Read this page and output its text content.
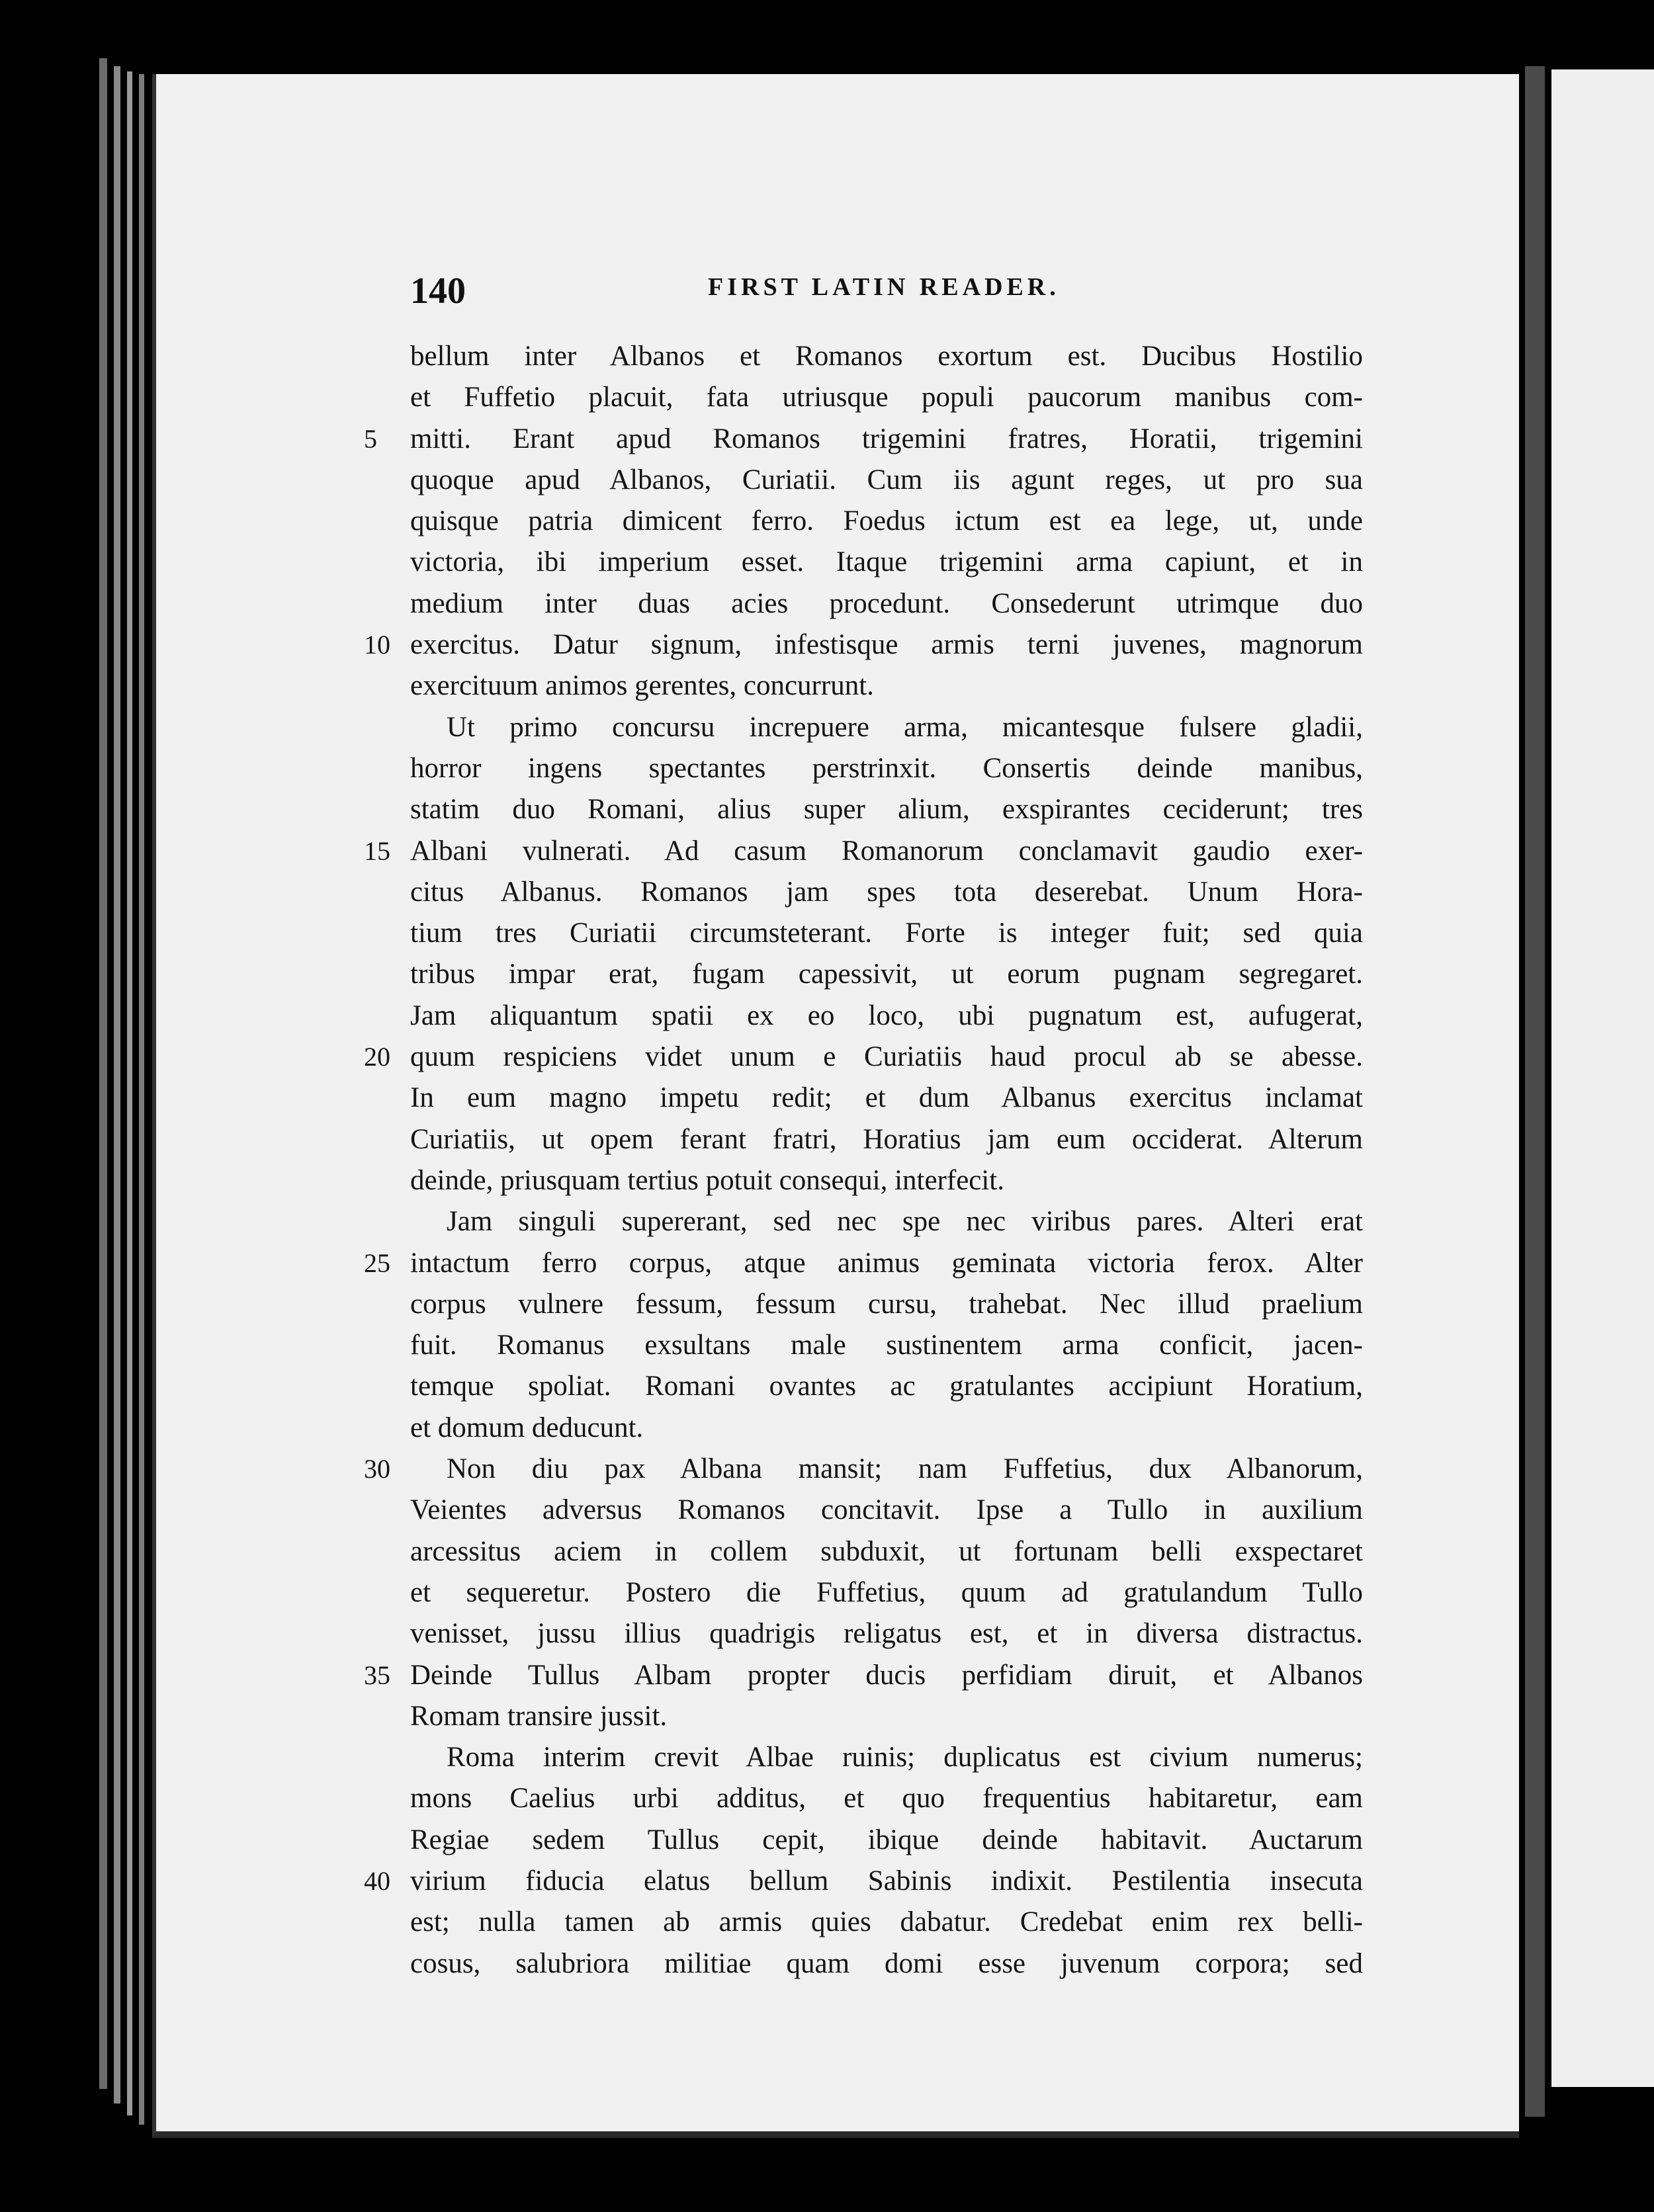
140	FIRST LATIN READER.
bellum inter Albanos et Romanos exortum est. Ducibus Hostilio
et Fuffetio placuit, fata utriusque populi paucorum manibus com-
5	mitti. Erant apud Romanos trigemini fratres, Horatii, trigemini
quoque apud Albanos, Curiatii. Cum iis agunt reges, ut pro sua
quisque patria dimicent ferro. Foedus ictum est ea lege, ut, unde
victoria, ibi imperium esset. Itaque trigemini arma capiunt, et in
medium inter duas acies procedunt. Consederunt utrimque duo
10 exercitus. Datur signum, infestisque armis terni juvenes, magnorum
exercituum animos gerentes, concurrunt.
Ut primo concursu increpuere arma, micantesque fulsere gladii,
horror ingens spectantes perstrinxit. Consertis deinde manibus,
statim duo Romani, alius super alium, exspirantes ceciderunt; tres
15 Albani vulnerati. Ad casum Romanorum conclamavit gaudio exer-
citus Albanus. Romanos jam spes tota deserebat. Unum Hora-
tium tres Curiatii circumsteterant. Forte is integer fuit; sed quia
tribus impar erat, fugam capessivit, ut eorum pugnam segregaret.
Jam aliquantum spatii ex eo loco, ubi pugnatum est, aufugerat,
20 quum respiciens videt unum e Curiatiis haud procul ab se abesse.
In eum magno impetu redit; et dum Albanus exercitus inclamat
Curiatiis, ut opem ferant fratri, Horatius jam eum occiderat. Alterum
deinde, priusquam tertius potuit consequi, interfecit.
Jam singuli supererant, sed nec spe nec viribus pares. Alteri erat
25 intactum ferro corpus, atque animus geminata victoria ferox. Alter
corpus vulnere fessum, fessum cursu, trahebat. Nec illud praelium
fuit. Romanus exsultans male sustinentem arma conficit, jacen-
temque spoliat. Romani ovantes ac gratulantes accipiunt Horatium,
et domum deducunt.
30	Non diu pax Albana mansit; nam Fuffetius, dux Albanorum,
Veientes adversus Romanos concitavit. Ipse a Tullo in auxilium
arcessitus aciem in collem subduxit, ut fortunam belli exspectaret
et sequeretur. Postero die Fuffetius, quum ad gratulandum Tullo
venisset, jussu illius quadrigis religatus est, et in diversa distractus.
35 Deinde Tullus Albam propter ducis perfidiam diruit, et Albanos
Romam transire jussit.
Roma interim crevit Albae ruinis; duplicatus est civium numerus;
mons Caelius urbi additus, et quo frequentius habitaretur, eam
Regiae sedem Tullus cepit, ibique deinde habitavit. Auctarum
40 virium fiducia elatus bellum Sabinis indixit. Pestilentia insecuta
est; nulla tamen ab armis quies dabatur. Credebat enim rex belli-
cosus, salubriora militiae quam domi esse juvenum corpora; sed
